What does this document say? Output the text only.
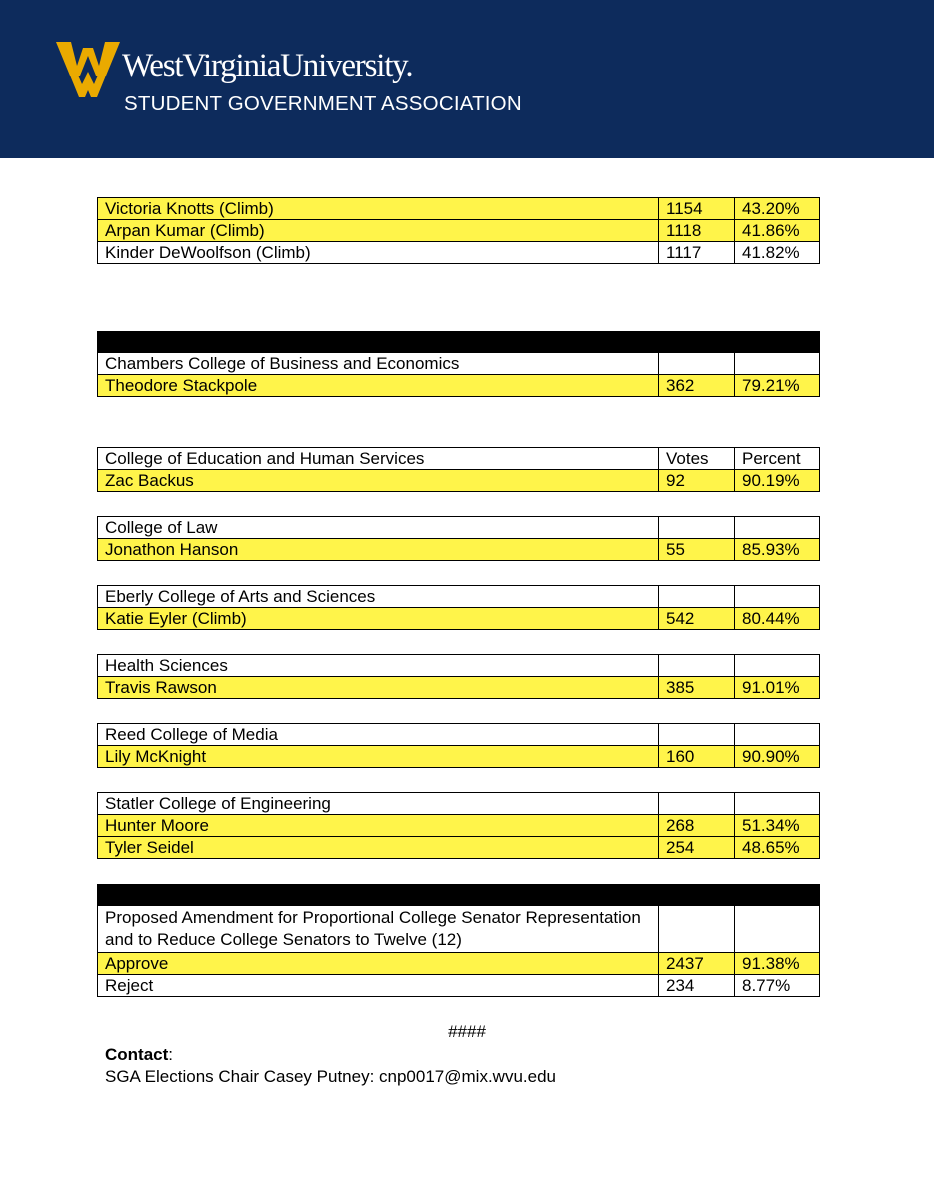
WestVirginiaUniversity.
STUDENT GOVERNMENT ASSOCIATION
Victoria Knotts (Climb)	1154	43.20%
Arpan Kumar (Climb)	1118	41.86%
Kinder DeWoolfson (Climb)	1117	41.82%

Chambers College of Business and Economics		
Theodore Stackpole	362	79.21%
College of Education and Human Services	Votes	Percent
Zac Backus	92	90.19%
College of Law		
Jonathon Hanson	55	85.93%
Eberly College of Arts and Sciences		
Katie Eyler (Climb)	542	80.44%
Health Sciences		
Travis Rawson	385	91.01%
Reed College of Media		
Lily McKnight	160	90.90%
Statler College of Engineering		
Hunter Moore	268	51.34%
Tyler Seidel	254	48.65%

Proposed Amendment for Proportional College Senator Representation and to Reduce College Senators to Twelve (12)		
Approve	2437	91.38%
Reject	234	8.77%
####
Contact:
SGA Elections Chair Casey Putney: cnp0017@mix.wvu.edu
